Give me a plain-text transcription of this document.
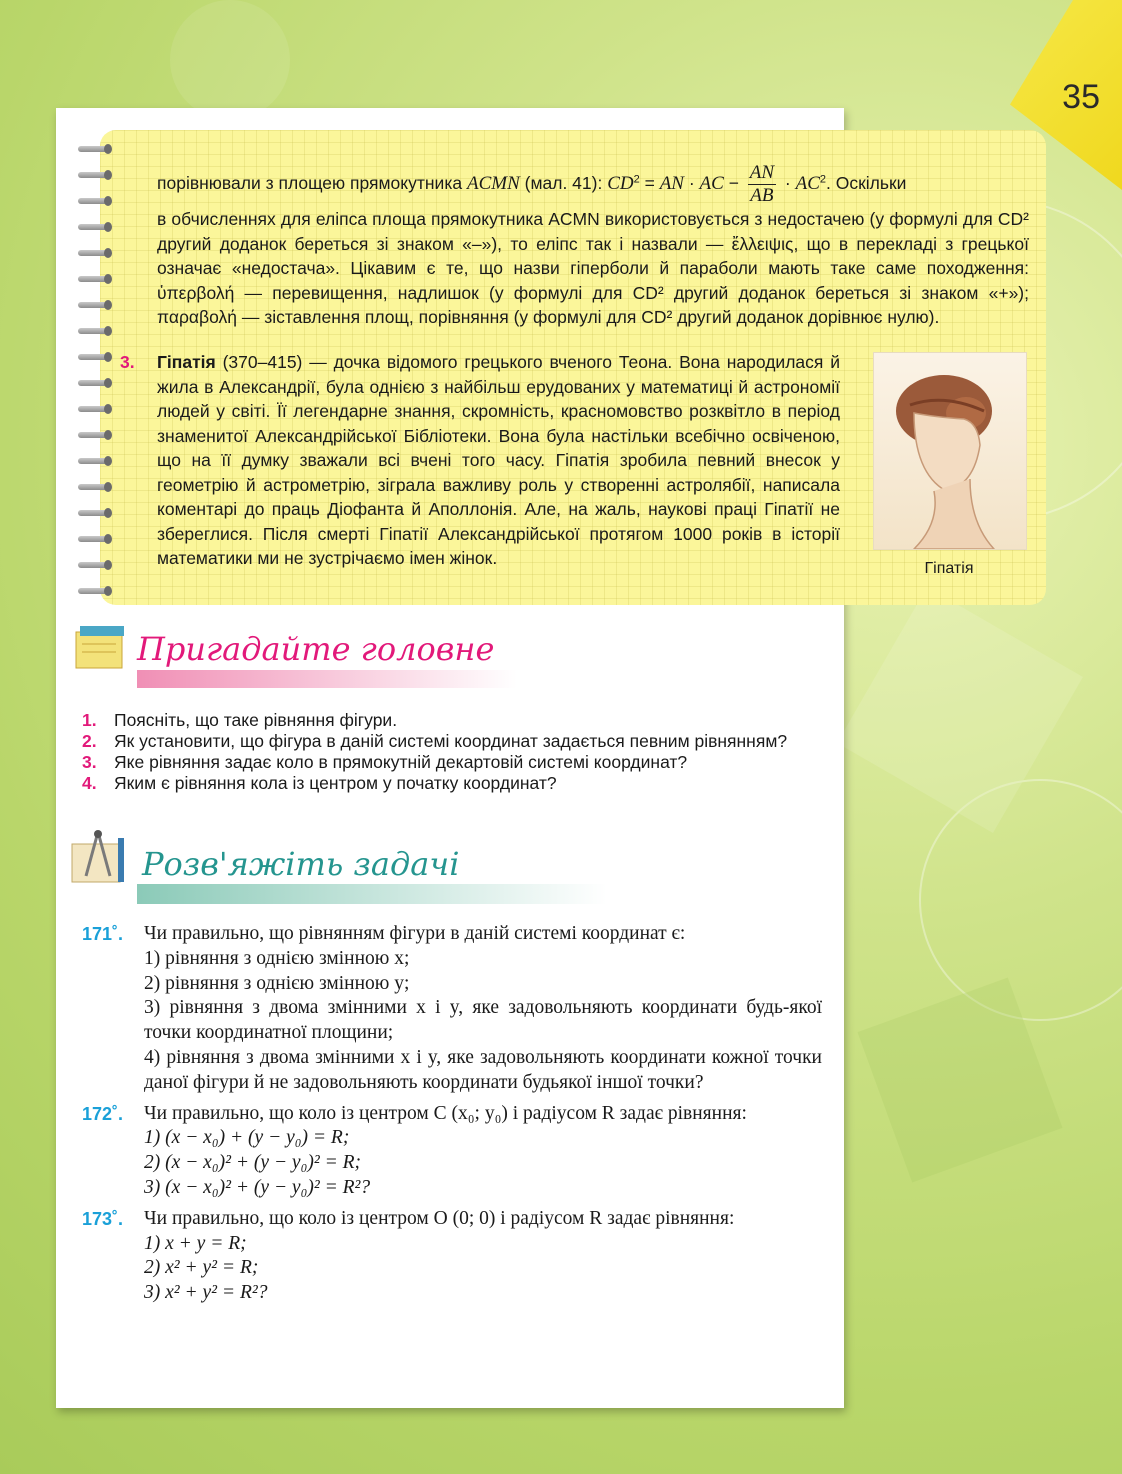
35

порівнювали з площею прямокутника ACMN (мал. 41): $CD^2$ = AN · AC − $\frac{AN}{AB} \cdot AC^2$. Оскільки

в обчисленнях для еліпса площа прямокутника ACMN використовується з недостачею (у формулі для CD² другий доданок береться зі знаком «–»), то еліпс так і назвали — ἔλλειψις, що в перекладі з грецької означає «недостача». Цікавим є те, що назви гіперболи й параболи мають таке саме походження: ὑπερβολή — перевищення, надлишок (у формулі для CD² другий доданок береться зі знаком «+»); παραβολή — зіставлення площ, порівняння (у формулі для CD² другий доданок дорівнює нулю).

3. Гіпатія (370–415) — дочка відомого грецького вченого Теона. Вона народилася й жила в Александрії, була однією з найбільш ерудованих у математиці й астрономії людей у світі. Її легендарне знання, скромність, красномовство розквітло в період знаменитої Александрійської Бібліотеки. Вона була настільки всебічно освіченою, що на її думку зважали всі вчені того часу. Гіпатія зробила певний внесок у геометрію й астрометрію, зіграла важливу роль у створенні астролябії, написала коментарі до праць Діофанта й Аполлонія. Але, на жаль, наукові праці Гіпатії не збереглися. Після смерті Гіпатії Александрійської протягом 1000 років в історії математики ми не зустрічаємо імен жінок.
Гіпатія
Пригадайте головне
1. Поясніть, що таке рівняння фігури.
2. Як установити, що фігура в даній системі координат задається певним рівнянням?
3. Яке рівняння задає коло в прямокутній декартовій системі координат?
4. Яким є рівняння кола із центром у початку координат?
Розв'яжіть задачі
171˚. Чи правильно, що рівнянням фігури в даній системі координат є:
1) рівняння з однією змінною x;
2) рівняння з однією змінною y;
3) рівняння з двома змінними x і y, яке задовольняють координати будь-якої точки координатної площини;
4) рівняння з двома змінними x і y, яке задовольняють координати кожної точки даної фігури й не задовольняють координати будьякої іншої точки?
172˚. Чи правильно, що коло із центром C (x₀; y₀) і радіусом R задає рівняння:
1) (x − x₀) + (y − y₀) = R;
2) (x − x₀)² + (y − y₀)² = R;
3) (x − x₀)² + (y − y₀)² = R²?
173˚. Чи правильно, що коло із центром O (0; 0) і радіусом R задає рівняння:
1) x + y = R;
2) x² + y² = R;
3) x² + y² = R²?
